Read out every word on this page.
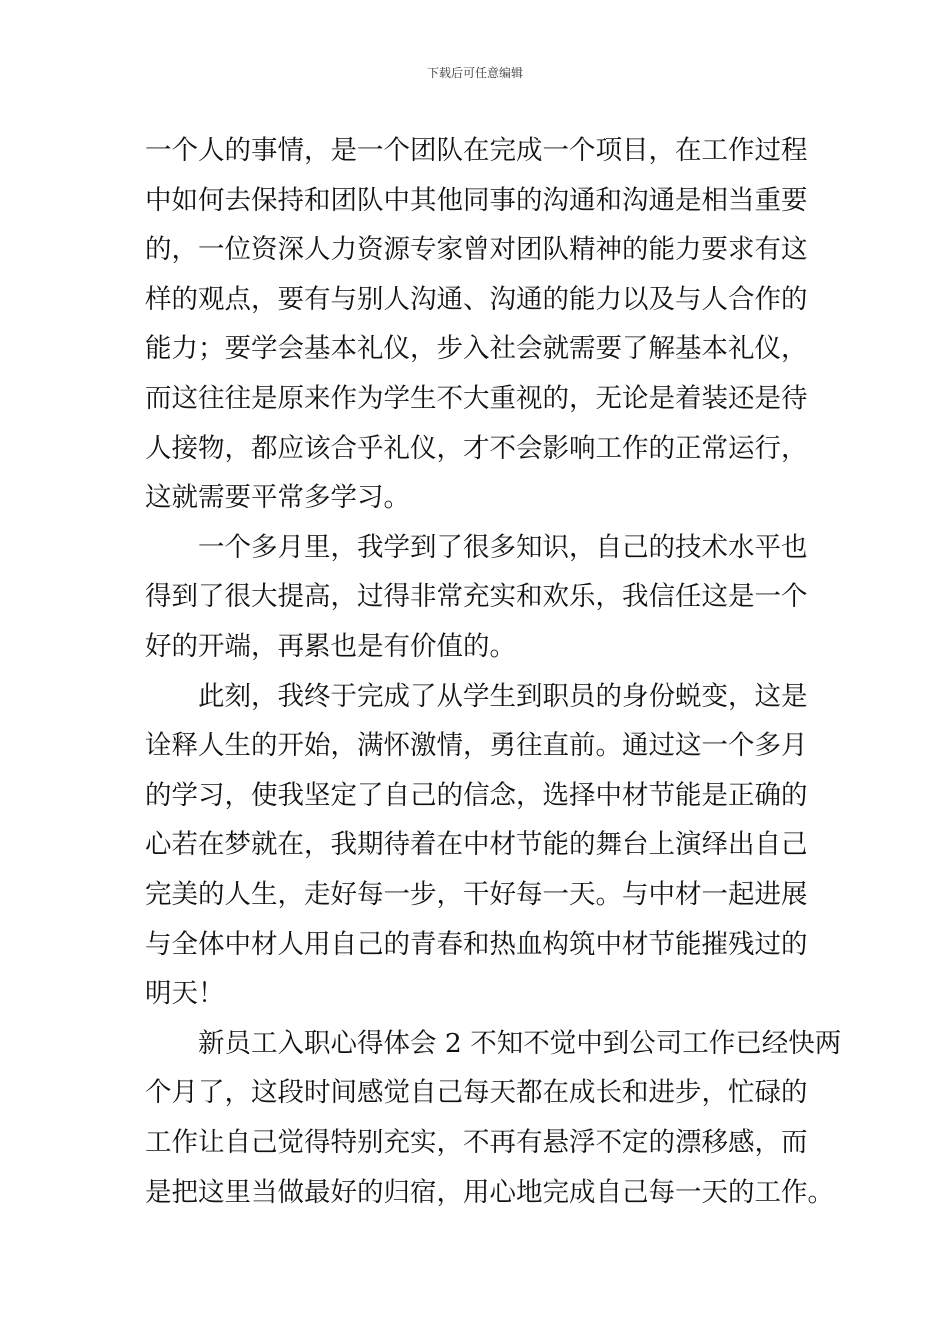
下载后可任意编辑
一个人的事情，是一个团队在完成一个项目，在工作过程
中如何去保持和团队中其他同事的沟通和沟通是相当重要
的，一位资深人力资源专家曾对团队精神的能力要求有这
样的观点，要有与别人沟通、沟通的能力以及与人合作的
能力；要学会基本礼仪，步入社会就需要了解基本礼仪，
而这往往是原来作为学生不大重视的，无论是着装还是待
人接物，都应该合乎礼仪，才不会影响工作的正常运行，
这就需要平常多学习。
一个多月里，我学到了很多知识，自己的技术水平也
得到了很大提高，过得非常充实和欢乐，我信任这是一个
好的开端，再累也是有价值的。
此刻，我终于完成了从学生到职员的身份蜕变，这是
诠释人生的开始，满怀激情，勇往直前。通过这一个多月
的学习，使我坚定了自己的信念，选择中材节能是正确的
心若在梦就在，我期待着在中材节能的舞台上演绎出自己
完美的人生，走好每一步，干好每一天。与中材一起进展
与全体中材人用自己的青春和热血构筑中材节能摧残过的
明天！
新员工入职心得体会 2 不知不觉中到公司工作已经快两
个月了，这段时间感觉自己每天都在成长和进步，忙碌的
工作让自己觉得特别充实，不再有悬浮不定的漂移感，而
是把这里当做最好的归宿，用心地完成自己每一天的工作。
